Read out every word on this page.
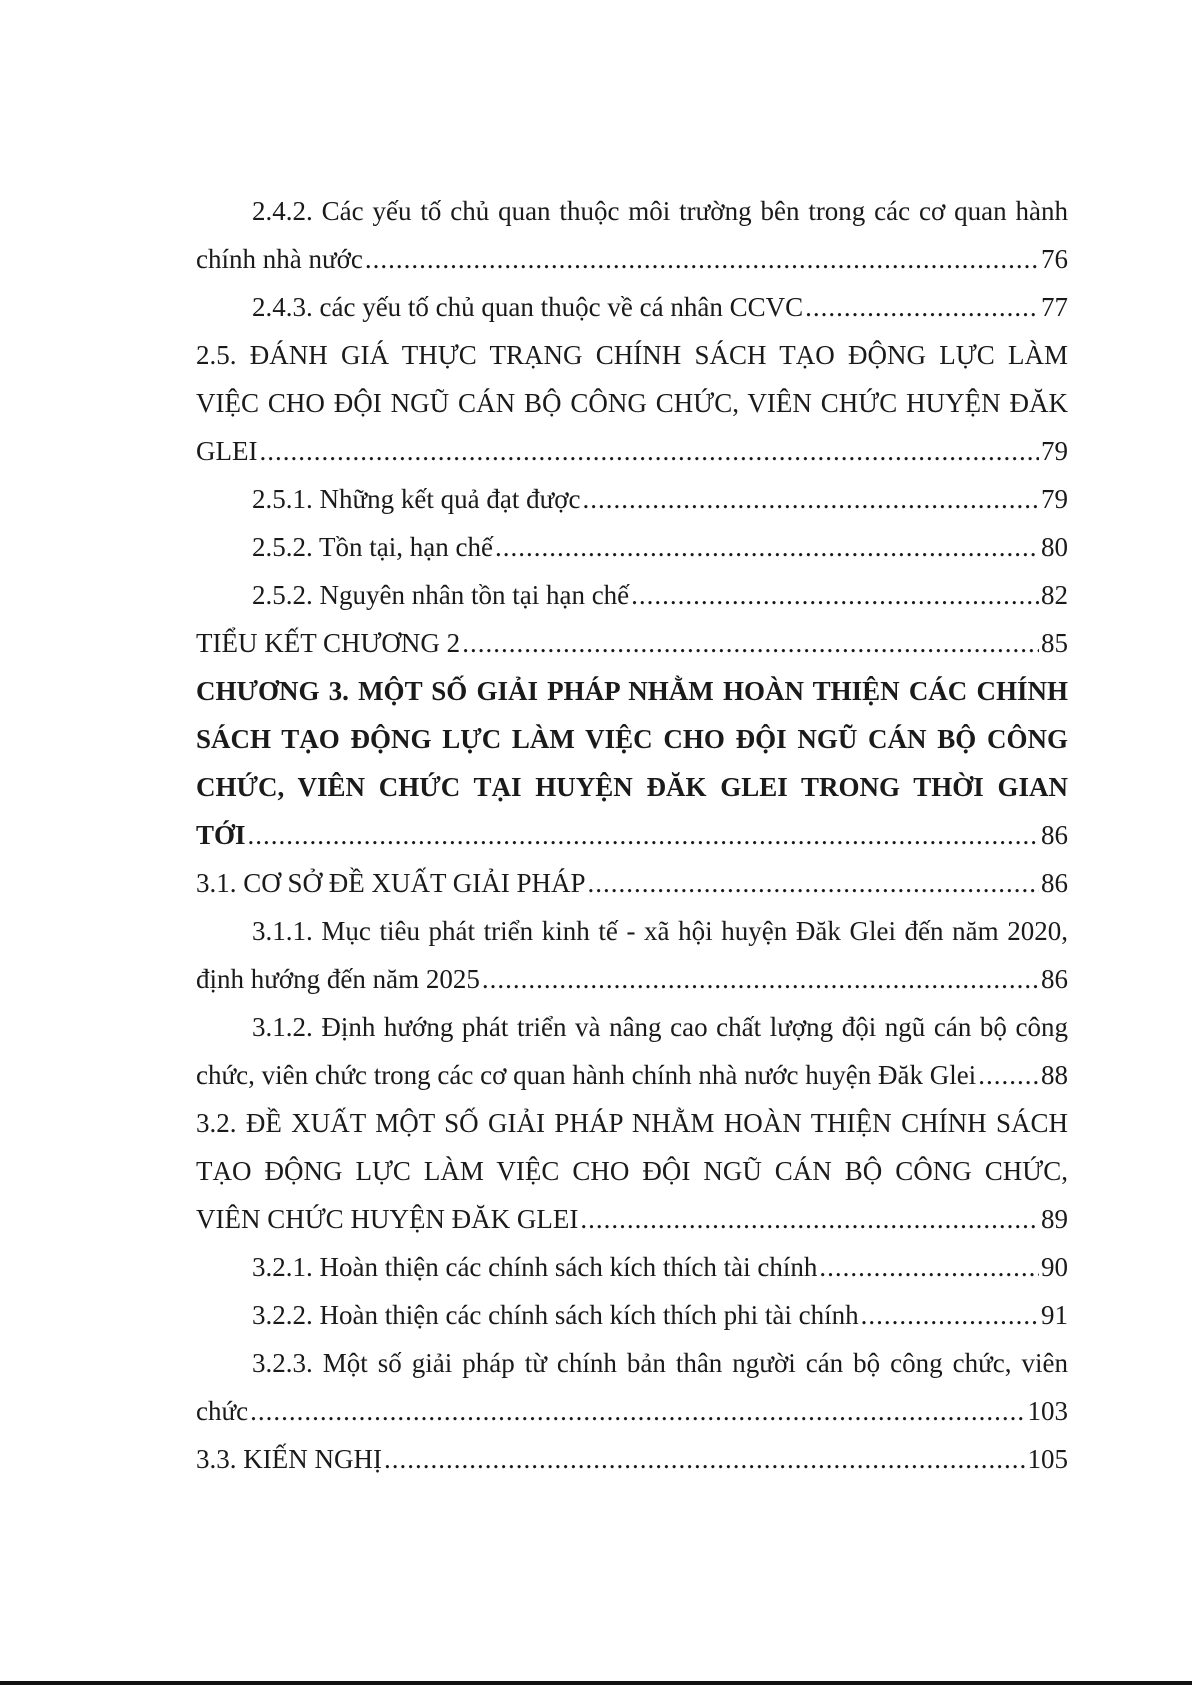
2.4.2. Các yếu tố chủ quan thuộc môi trường bên trong các cơ quan hành
chính nhà nước .....	76
2.4.3. các yếu tố chủ quan thuộc về cá nhân CCVC .....	77
2.5. ĐÁNH GIÁ THỰC TRẠNG CHÍNH SÁCH TẠO ĐỘNG LỰC LÀM
VIỆC CHO ĐỘI NGŨ CÁN BỘ CÔNG CHỨC, VIÊN CHỨC HUYỆN ĐĂK
GLEI .....	79
2.5.1. Những kết quả đạt được .....	79
2.5.2. Tồn tại, hạn chế .....	80
2.5.2. Nguyên nhân tồn tại hạn chế .....	82
TIỂU KẾT CHƯƠNG 2 .....	85
CHƯƠNG 3. MỘT SỐ GIẢI PHÁP NHẰM HOÀN THIỆN CÁC CHÍNH
SÁCH TẠO ĐỘNG LỰC LÀM VIỆC CHO ĐỘI NGŨ CÁN BỘ CÔNG
CHỨC, VIÊN CHỨC TẠI HUYỆN ĐĂK GLEI TRONG THỜI GIAN
TỚI .....	86
3.1. CƠ SỞ ĐỀ XUẤT GIẢI PHÁP .....	86
3.1.1. Mục tiêu phát triển kinh tế - xã hội huyện Đăk Glei đến năm 2020,
định hướng đến năm 2025 .....	86
3.1.2. Định hướng phát triển và nâng cao chất lượng đội ngũ cán bộ công
chức, viên chức trong các cơ quan hành chính nhà nước huyện Đăk Glei ..... 88
3.2. ĐỀ XUẤT MỘT SỐ GIẢI PHÁP NHẰM HOÀN THIỆN CHÍNH SÁCH
TẠO ĐỘNG LỰC LÀM VIỆC CHO ĐỘI NGŨ CÁN BỘ CÔNG CHỨC,
VIÊN CHỨC HUYỆN ĐĂK GLEI .....	89
3.2.1. Hoàn thiện các chính sách kích thích tài chính .....	90
3.2.2. Hoàn thiện các chính sách kích thích phi tài chính .....	91
3.2.3. Một số giải pháp từ chính bản thân người cán bộ công chức, viên
chức .....	103
3.3. KIẾN NGHỊ .....	105
